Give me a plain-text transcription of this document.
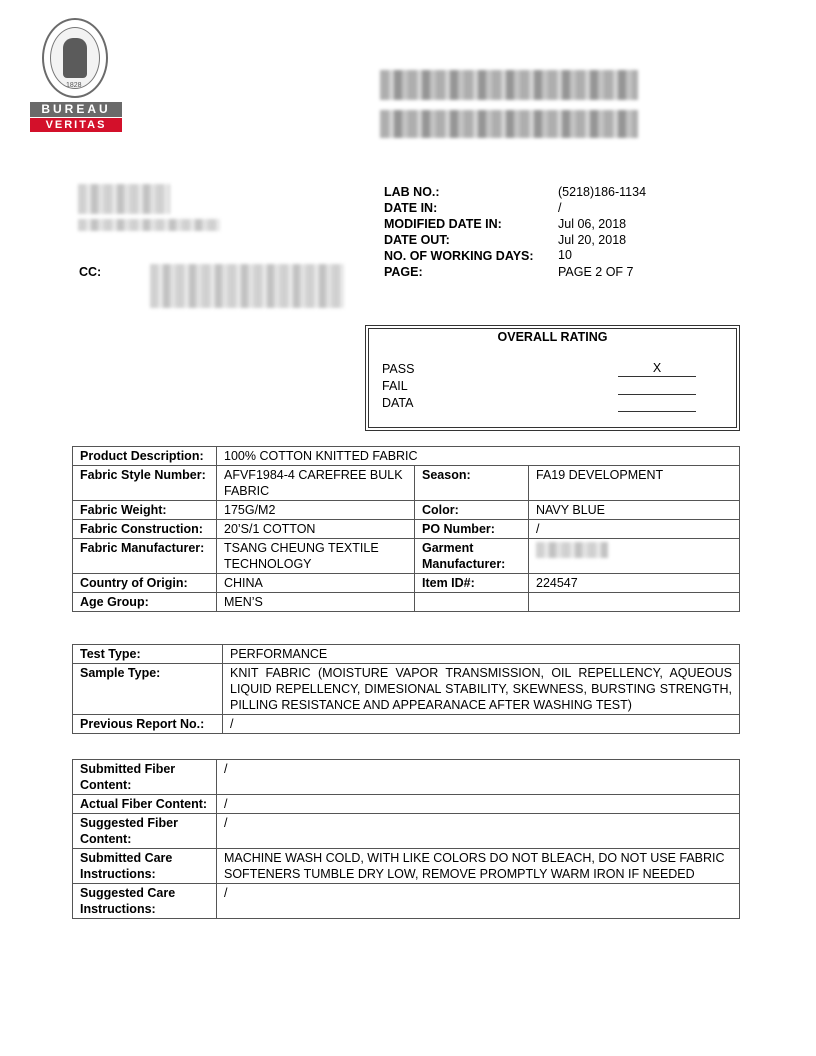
1828
BUREAU
VERITAS
CC:
LAB NO.:	(5218)186-1134
DATE IN:	/
MODIFIED DATE IN:	Jul 06, 2018
DATE OUT:	Jul 20, 2018
NO. OF WORKING DAYS: 10
PAGE:	PAGE 2 OF 7
OVERALL RATING
PASS	X
FAIL
DATA
Product Description:	100% COTTON KNITTED FABRIC		
Fabric Style Number:	AFVF1984-4 CAREFREE BULK FABRIC	Season:	FA19 DEVELOPMENT
Fabric Weight:	175G/M2	Color:	NAVY BLUE
Fabric Construction:	20’S/1 COTTON	PO Number:	/
Fabric Manufacturer:	TSANG CHEUNG TEXTILE TECHNOLOGY	Garment Manufacturer:	

Country of Origin:	CHINA	Item ID#:	224547
Age Group:	MEN’S		
Test Type:	PERFORMANCE
Sample Type:	KNIT FABRIC (MOISTURE VAPOR TRANSMISSION, OIL REPELLENCY, AQUEOUS LIQUID REPELLENCY, DIMESIONAL STABILITY, SKEWNESS, BURSTING STRENGTH, PILLING RESISTANCE AND APPEARANACE AFTER WASHING TEST)
Previous Report No.:	/
Submitted Fiber Content:	/
Actual Fiber Content:	/
Suggested Fiber Content:	/
Submitted Care Instructions:	MACHINE WASH COLD, WITH LIKE COLORS DO NOT BLEACH, DO NOT USE FABRIC SOFTENERS TUMBLE DRY LOW, REMOVE PROMPTLY WARM IRON IF NEEDED
Suggested Care Instructions:	/
